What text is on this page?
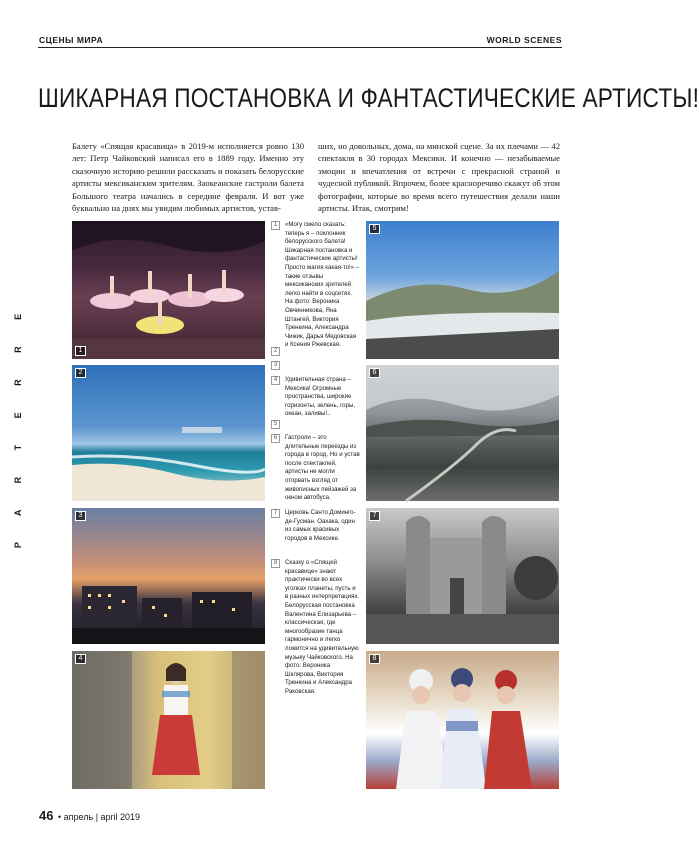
СЦЕНЫ МИРА	WORLD SCENES
P A R T E R R E
ШИКАРНАЯ ПОСТАНОВКА И ФАНТАСТИЧЕСКИЕ АРТИСТЫ!

Балету «Спящая красавица» в 2019-м исполняется ровно 130 лет: Петр Чайковский написал его в 1889 году. Именно эту сказочную историю решили рассказать и показать белорусские артисты мексиканским зрителям. Заокеанские гастроли балета Большого театра начались в середине февраля. И вот уже буквально на днях мы увидим любимых артистов, устав-

ших, но довольных, дома, на минской сцене. За их плечами — 42 спектакля в 30 городах Мексики. И конечно — незабываемые эмоции и впечатления от встречи с прекрасной страной и чудесной публикой. Впрочем, более красноречиво скажут об этом фотографии, которые во время всего путешествия делали наши артисты. Итак, смотрим!

1
2
3
4
5
6
7
8
1	«Могу смело сказать: теперь я – поклонник белорусского балета! Шикарная постановка и фантастические артисты! Просто магия какая-то!» – такие отзывы мексиканских зрителей легко найти в соцсетях. На фото: Вероника Овчинникова, Яна Штангей, Виктория Тренкина, Александра Чижик, Дарья Медовская и Ксения Ржевская.
2
3
4	Удивительная страна – Мексика! Огромные пространства, широкие горизонты, зелень, горы, океан, заливы!..
5
6	Гастроли – это длительные переезды из города в город. Но и устав после спектаклей, артисты не могли оторвать взгляд от живописных пейзажей за окном автобуса.
7	Церковь Санто Доминго-де-Гусман. Оахака, один из самых красивых городов в Мексике.
8	Сказку о «Спящей красавице» знают практически во всех уголках планеты, пусть и в разных интерпретациях. Белорусская постановка Валентина Елизарьева – классическая, где многообразие танца гармонично и легко ложится на удивительную музыку Чайковского. На фото: Вероника Шклярова, Виктория Тренкина и Александра Раковская.
46 • апрель | april 2019
